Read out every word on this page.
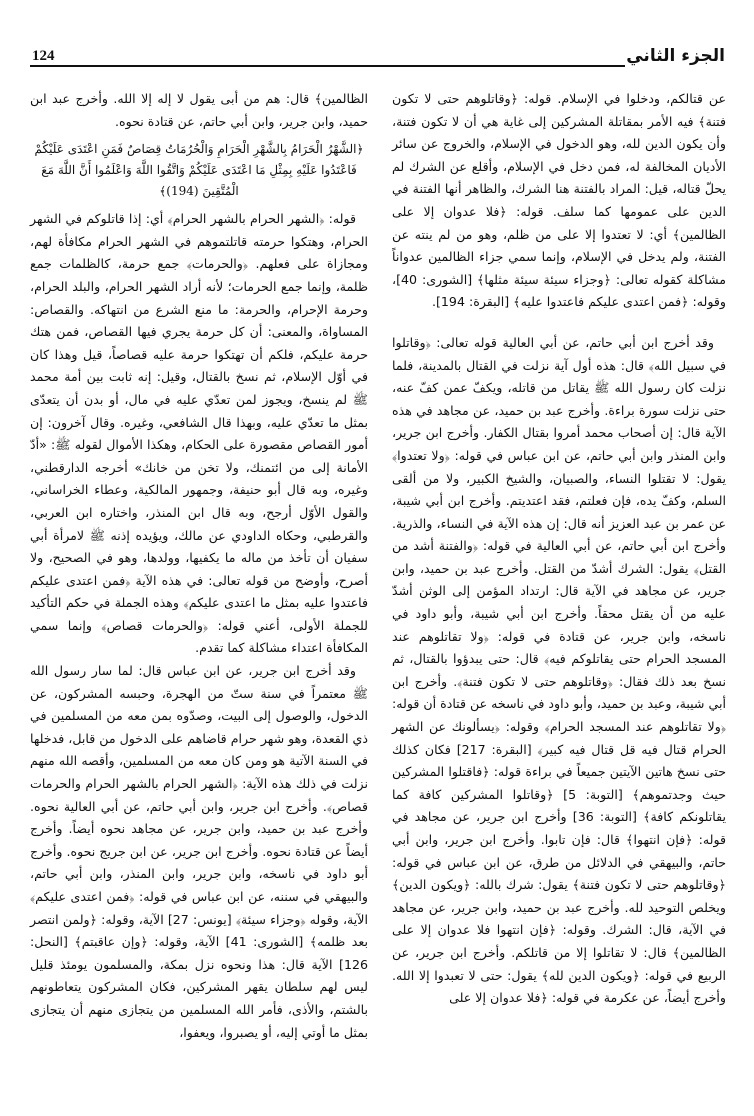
الجزء الثاني
124

عن قتالكم، ودخلوا في الإسلام. قوله: ﴿وقاتلوهم حتى لا تكون فتنة﴾ فيه الأمر بمقاتلة المشركين إلى غاية هي أن لا تكون فتنة، وأن يكون الدين لله، وهو الدخول في الإسلام، والخروج عن سائر الأديان المخالفة له، فمن دخل في الإسلام، وأقلع عن الشرك لم يحلّ قتاله، قيل: المراد بالفتنة هنا الشرك، والظاهر أنها الفتنة في الدين على عمومها كما سلف. قوله: ﴿فلا عدوان إلا على الظالمين﴾ أي: لا تعتدوا إلا على من ظلم، وهو من لم ينته عن الفتنة، ولم يدخل في الإسلام، وإنما سمي جزاء الظالمين عدواناً مشاكلة كقوله تعالى: ﴿وجزاء سيئة سيئة مثلها﴾ [الشورى: 40]، وقوله: ﴿فمن اعتدى عليكم فاعتدوا عليه﴾ [البقرة: 194].

وقد أخرج ابن أبي حاتم، عن أبي العالية قوله تعالى: ﴿وقاتلوا في سبيل الله﴾ قال: هذه أول آية نزلت في القتال بالمدينة، فلما نزلت كان رسول الله ﷺ يقاتل من قاتله، ويكفّ عمن كفّ عنه، حتى نزلت سورة براءة. وأخرج عبد بن حميد، عن مجاهد في هذه الآية قال: إن أصحاب محمد أمروا بقتال الكفار. وأخرج ابن جرير، وابن المنذر وابن أبي حاتم، عن ابن عباس في قوله: ﴿ولا تعتدوا﴾ يقول: لا تقتلوا النساء، والصبيان، والشيخ الكبير، ولا من ألقى السلم، وكفّ يده، فإن فعلتم، فقد اعتديتم. وأخرج ابن أبي شيبة، عن عمر بن عبد العزيز أنه قال: إن هذه الآية في النساء، والذرية. وأخرج ابن أبي حاتم، عن أبي العالية في قوله: ﴿والفتنة أشد من القتل﴾ يقول: الشرك أشدّ من القتل. وأخرج عبد بن حميد، وابن جرير، عن مجاهد في الآية قال: ارتداد المؤمن إلى الوثن أشدّ عليه من أن يقتل محقاً. وأخرج ابن أبي شيبة، وأبو داود في ناسخه، وابن جرير، عن قتادة في قوله: ﴿ولا تقاتلوهم عند المسجد الحرام حتى يقاتلوكم فيه﴾ قال: حتى يبدؤوا بالقتال، ثم نسخ بعد ذلك فقال: ﴿وقاتلوهم حتى لا تكون فتنة﴾. وأخرج ابن أبي شيبة، وعبد بن حميد، وأبو داود في ناسخه عن قتادة أن قوله: ﴿ولا تقاتلوهم عند المسجد الحرام﴾ وقوله: ﴿يسألونك عن الشهر الحرام قتال فيه قل قتال فيه كبير﴾ [البقرة: 217] فكان كذلك حتى نسخ هاتين الآيتين جميعاً في براءة قوله: ﴿فاقتلوا المشركين حيث وجدتموهم﴾ [التوبة: 5] ﴿وقاتلوا المشركين كافة كما يقاتلونكم كافة﴾ [التوبة: 36] وأخرج ابن جرير، عن مجاهد في قوله: ﴿فإن انتهوا﴾ قال: فإن تابوا. وأخرج ابن جرير، وابن أبي حاتم، والبيهقي في الدلائل من طرق، عن ابن عباس في قوله: ﴿وقاتلوهم حتى لا تكون فتنة﴾ يقول: شرك بالله: ﴿ويكون الدين﴾ ويخلص التوحيد لله. وأخرج عبد بن حميد، وابن جرير، عن مجاهد في الآية، قال: الشرك. وقوله: ﴿فإن انتهوا فلا عدوان إلا على الظالمين﴾ قال: لا تقاتلوا إلا من قاتلكم. وأخرج ابن جرير، عن الربيع في قوله: ﴿ويكون الدين لله﴾ يقول: حتى لا تعبدوا إلا الله. وأخرج أيضاً، عن عكرمة في قوله: ﴿فلا عدوان إلا على

الظالمين﴾ قال: هم من أبى يقول لا إله إلا الله. وأخرج عبد ابن حميد، وابن جرير، وابن أبي حاتم، عن قتادة نحوه.

﴿الشَّهْرُ الْحَرَامُ بِالشَّهْرِ الْحَرَامِ وَالْحُرُمَاتُ قِصَاصٌ فَمَنِ اعْتَدَى عَلَيْكُمْ فَاعْتَدُوا عَلَيْهِ بِمِثْلِ مَا اعْتَدَى عَلَيْكُمْ وَاتَّقُوا اللَّهَ وَاعْلَمُوا أَنَّ اللَّهَ مَعَ الْمُتَّقِينَ (194)﴾

قوله: ﴿الشهر الحرام بالشهر الحرام﴾ أي: إذا قاتلوكم في الشهر الحرام، وهتكوا حرمته قاتلتموهم في الشهر الحرام مكافأة لهم، ومجازاة على فعلهم. ﴿والحرمات﴾ جمع حرمة، كالظلمات جمع ظلمة، وإنما جمع الحرمات؛ لأنه أراد الشهر الحرام، والبلد الحرام، وحرمة الإحرام، والحرمة: ما منع الشرع من انتهاكه. والقصاص: المساواة، والمعنى: أن كل حرمة يجري فيها القصاص، فمن هتك حرمة عليكم، فلكم أن تهتكوا حرمة عليه قصاصاً، قيل وهذا كان في أوّل الإسلام، ثم نسخ بالقتال، وقيل: إنه ثابت بين أمة محمد ﷺ لم ينسخ، ويجوز لمن تعدّي عليه في مال، أو بدن أن يتعدّى بمثل ما تعدّي عليه، وبهذا قال الشافعي، وغيره. وقال آخرون: إن أمور القصاص مقصورة على الحكام، وهكذا الأموال لقوله ﷺ: «أدّ الأمانة إلى من ائتمنك، ولا تخن من خانك» أخرجه الدارقطني، وغيره، وبه قال أبو حنيفة، وجمهور المالكية، وعطاء الخراساني، والقول الأوّل أرجح، وبه قال ابن المنذر، واختاره ابن العربي، والقرطبي، وحكاه الداودي عن مالك، ويؤيده إذنه ﷺ لامرأة أبي سفيان أن تأخذ من ماله ما يكفيها، وولدها، وهو في الصحيح، ولا أصرح، وأوضح من قوله تعالى: في هذه الآية ﴿فمن اعتدى عليكم فاعتدوا عليه بمثل ما اعتدى عليكم﴾ وهذه الجملة في حكم التأكيد للجملة الأولى، أعني قوله: ﴿والحرمات قصاص﴾ وإنما سمي المكافأة اعتداء مشاكلة كما تقدم.

وقد أخرج ابن جرير، عن ابن عباس قال: لما سار رسول الله ﷺ معتمراً في سنة ستّ من الهجرة، وحبسه المشركون، عن الدخول، والوصول إلى البيت، وصدّوه بمن معه من المسلمين في ذي القعدة، وهو شهر حرام قاضاهم على الدخول من قابل، فدخلها في السنة الآتية هو ومن كان معه من المسلمين، وأقصه الله منهم نزلت في ذلك هذه الآية: ﴿الشهر الحرام بالشهر الحرام والحرمات قصاص﴾. وأخرج ابن جرير، وابن أبي حاتم، عن أبي العالية نحوه. وأخرج عبد بن حميد، وابن جرير، عن مجاهد نحوه أيضاً. وأخرج أيضاً عن قتادة نحوه. وأخرج ابن جرير، عن ابن جريج نحوه. وأخرج أبو داود في ناسخه، وابن جرير، وابن المنذر، وابن أبي حاتم، والبيهقي في سننه، عن ابن عباس في قوله: ﴿فمن اعتدى عليكم﴾ الآية، وقوله ﴿وجزاء سيئة﴾ [يونس: 27] الآية، وقوله: ﴿ولمن انتصر بعد ظلمه﴾ [الشورى: 41] الآية، وقوله: ﴿وإن عاقبتم﴾ [النحل: 126] الآية قال: هذا ونحوه نزل بمكة، والمسلمون يومئذ قليل ليس لهم سلطان يقهر المشركين، فكان المشركون يتعاطونهم بالشتم، والأذى، فأمر الله المسلمين من يتجازى منهم أن يتجازى بمثل ما أوتي إليه، أو يصبروا، ويعفوا،
